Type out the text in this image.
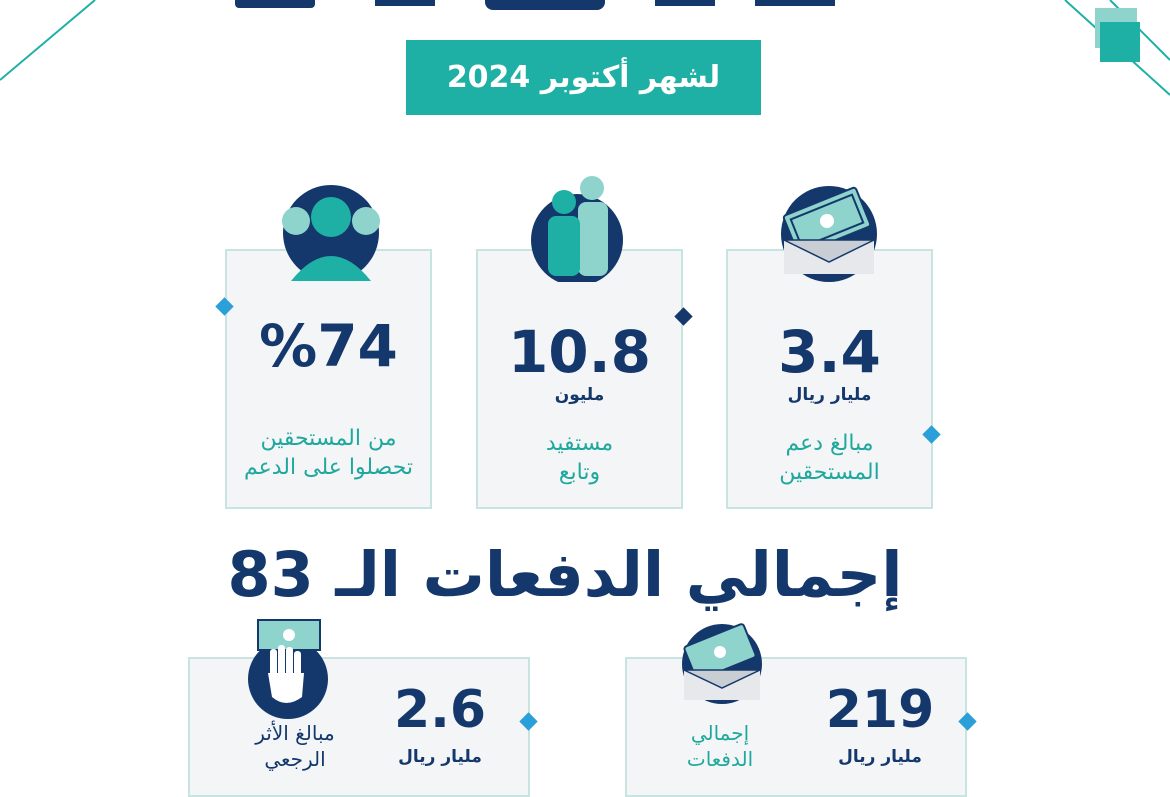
لشهر أكتوبر 2024
3.4
مليار ريال
مبالغ دعم
المستحقين
10.8
مليون
مستفيد
وتابع
%74
من المستحقين
تحصلوا على الدعم
إجمالي الدفعات الـ 83
219
مليار ريال
إجمالي
الدفعات
2.6
مليار ريال
مبالغ الأثر
الرجعي
